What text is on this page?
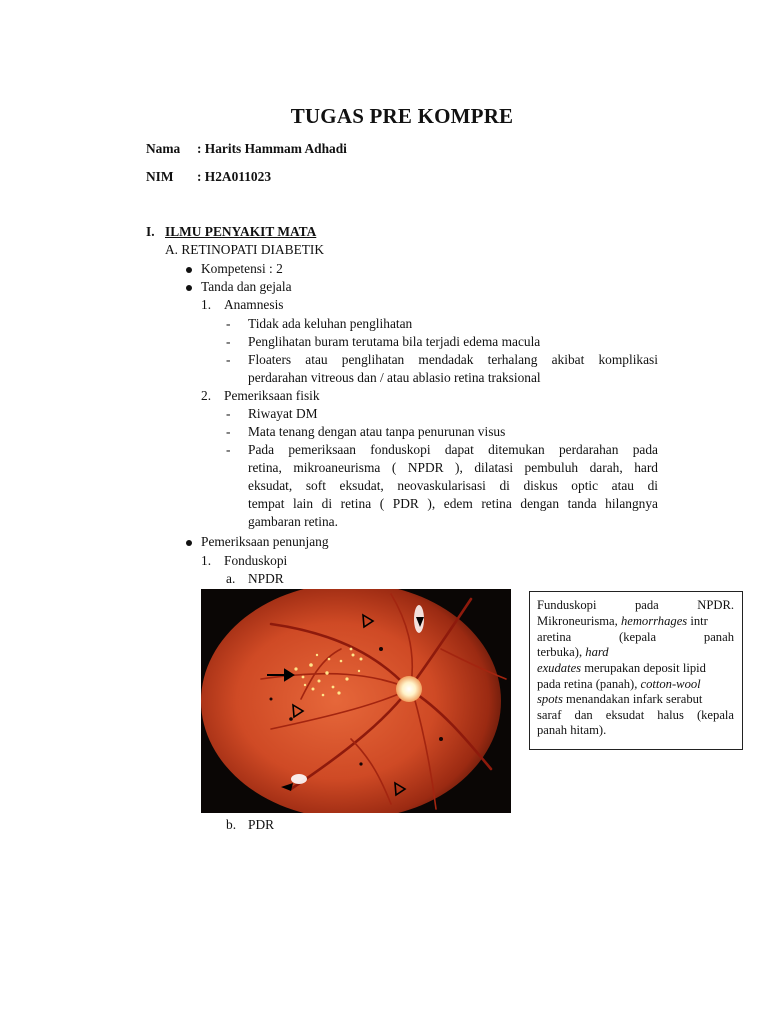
TUGAS PRE KOMPRE
Nama : Harits Hammam Adhadi
NIM : H2A011023
I. ILMU PENYAKIT MATA
A. RETINOPATI DIABETIK
Kompetensi : 2
Tanda dan gejala
1. Anamnesis
- Tidak ada keluhan penglihatan
- Penglihatan buram terutama bila terjadi edema macula
- Floaters atau penglihatan mendadak terhalang akibat komplikasi
perdarahan vitreous dan / atau ablasio retina traksional
2. Pemeriksaan fisik
- Riwayat DM
- Mata tenang dengan atau tanpa penurunan visus
- Pada pemeriksaan fonduskopi dapat ditemukan perdarahan pada
retina, mikroaneurisma ( NPDR ), dilatasi pembuluh darah, hard
eksudat, soft eksudat, neovaskularisasi di diskus optic atau di
tempat lain di retina ( PDR ), edem retina dengan tanda hilangnya
gambaran retina.
Pemeriksaan penunjang
1. Fonduskopi
a. NPDR
Funduskopi pada NPDR.
Mikroneurisma, hemorrhages intr
aretina (kepala panah
terbuka), hard
exudates merupakan deposit lipid
pada retina (panah), cotton-wool
spots menandakan infark serabut
saraf dan eksudat halus (kepala
panah hitam).
b. PDR
